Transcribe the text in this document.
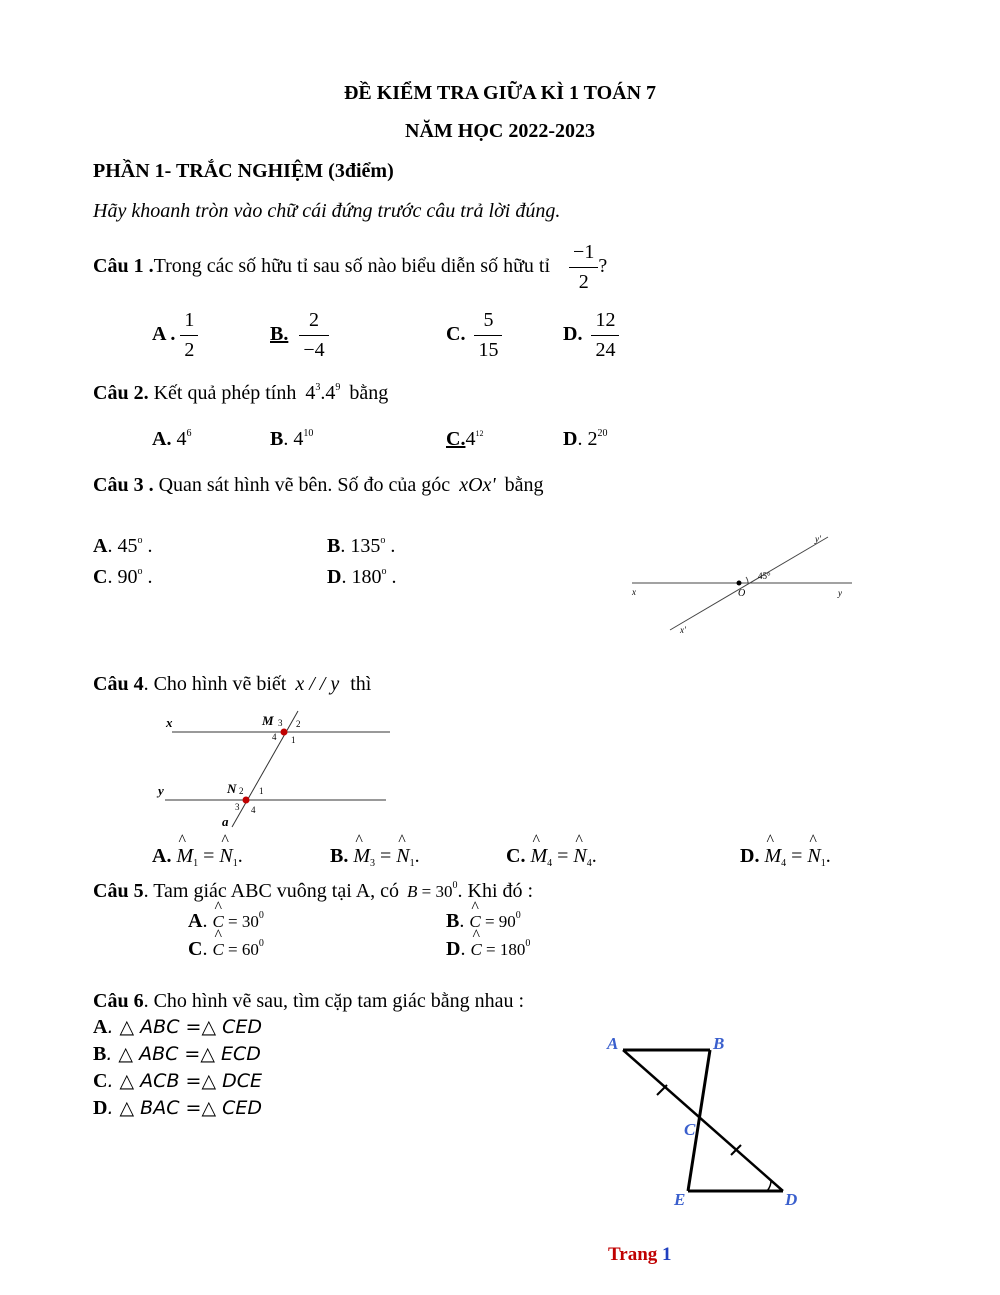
ĐỀ KIỂM TRA GIỮA KÌ 1 TOÁN 7
NĂM HỌC 2022-2023
PHẦN 1- TRẮC NGHIỆM (3điểm)
Hãy khoanh tròn vào chữ cái đứng trước câu trả lời đúng.
Câu 1 .Trong các số hữu tỉ sau số nào biểu diễn số hữu tỉ $\frac{-1}{2}$ ?
A . $\frac{1}{2}$	B. $\frac{2}{-4}$	C. $\frac{5}{15}$	D. $\frac{12}{24}$
Câu 2. Kết quả phép tính $4^3.4^9$ bằng
A. $4^6$	B. $4^{10}$	$C.4^{12}$	D. $2^{20}$
Câu 3 . Quan sát hình vẽ bên. Số đo của góc xOx' bằng
A. 45$^o$ .	B. 135$^o$ .
C. 90$^o$ .	D. 180$^o$ .
x	O	y
x'
y'
45°
Câu 4. Cho hình vẽ biết x / / y thì
x
y
a
M
N
3 2
4 1
2 1
3 4
A. ^ $M_1$ = ^ $N_1$.	B. ^ $M_3$ = ^ $N_1$.	C. ^ $M_4$ = ^ $N_4$.	D. ^ $M_4$ = ^ $N_1$.
Câu 5. Tam giác ABC vuông tại A, có $B = 30^0$. Khi đó :
A. ^ $C = 30^0$	B. ^ $C = 90^0$
C. ^ $C = 60^0$	D. ^ $C = 180^0$
Câu 6. Cho hình vẽ sau, tìm cặp tam giác bằng nhau :
A. △ ABC =△ CED
B. △ ABC =△ ECD
C. △ ACB =△ DCE
D. △ BAC =△ CED
A	B
C
D
E
Trang 1
